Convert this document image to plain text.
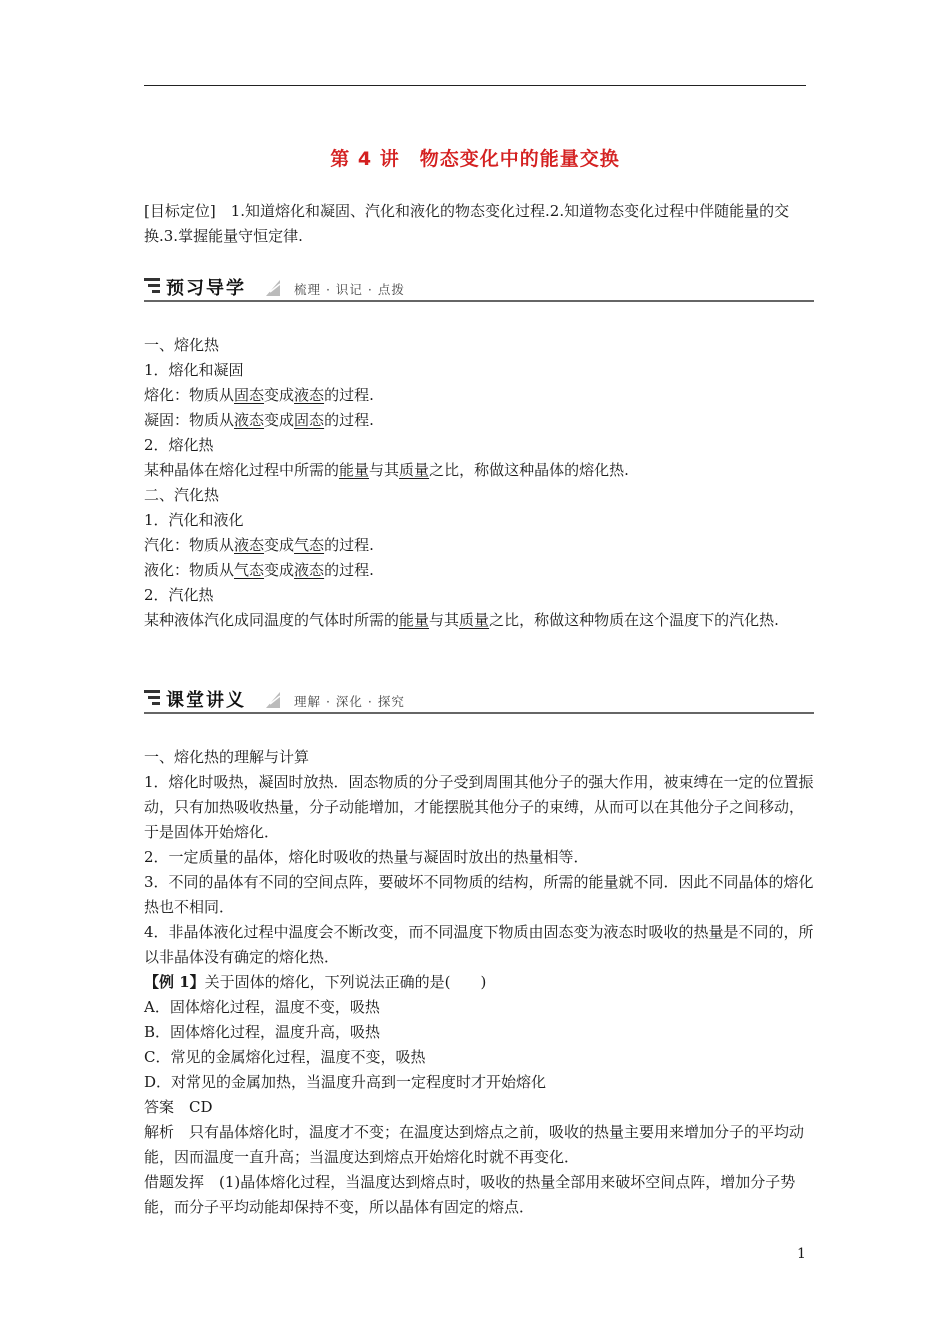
第 4 讲　物态变化中的能量交换
[目标定位]　1.知道熔化和凝固、汽化和液化的物态变化过程.2.知道物态变化过程中伴随能量的交换.3.掌握能量守恒定律.
预习导学	梳理 · 识记 · 点拨
一、熔化热
1．熔化和凝固
熔化：物质从固态变成液态的过程.
凝固：物质从液态变成固态的过程.
2．熔化热
某种晶体在熔化过程中所需的能量与其质量之比，称做这种晶体的熔化热.
二、汽化热
1．汽化和液化
汽化：物质从液态变成气态的过程.
液化：物质从气态变成液态的过程.
2．汽化热
某种液体汽化成同温度的气体时所需的能量与其质量之比，称做这种物质在这个温度下的汽化热.
课堂讲义	理解 · 深化 · 探究
一、熔化热的理解与计算
1．熔化时吸热，凝固时放热．固态物质的分子受到周围其他分子的强大作用，被束缚在一定的位置振动，只有加热吸收热量，分子动能增加，才能摆脱其他分子的束缚，从而可以在其他分子之间移动，于是固体开始熔化．
2．一定质量的晶体，熔化时吸收的热量与凝固时放出的热量相等．
3．不同的晶体有不同的空间点阵，要破坏不同物质的结构，所需的能量就不同．因此不同晶体的熔化热也不相同．
4．非晶体液化过程中温度会不断改变，而不同温度下物质由固态变为液态时吸收的热量是不同的，所以非晶体没有确定的熔化热．
【例 1】关于固体的熔化，下列说法正确的是(　　)
A．固体熔化过程，温度不变，吸热
B．固体熔化过程，温度升高，吸热
C．常见的金属熔化过程，温度不变，吸热
D．对常见的金属加热，当温度升高到一定程度时才开始熔化
答案　CD
解析　只有晶体熔化时，温度才不变；在温度达到熔点之前，吸收的热量主要用来增加分子的平均动能，因而温度一直升高；当温度达到熔点开始熔化时就不再变化．
借题发挥　(1)晶体熔化过程，当温度达到熔点时，吸收的热量全部用来破坏空间点阵，增加分子势能，而分子平均动能却保持不变，所以晶体有固定的熔点．
1
